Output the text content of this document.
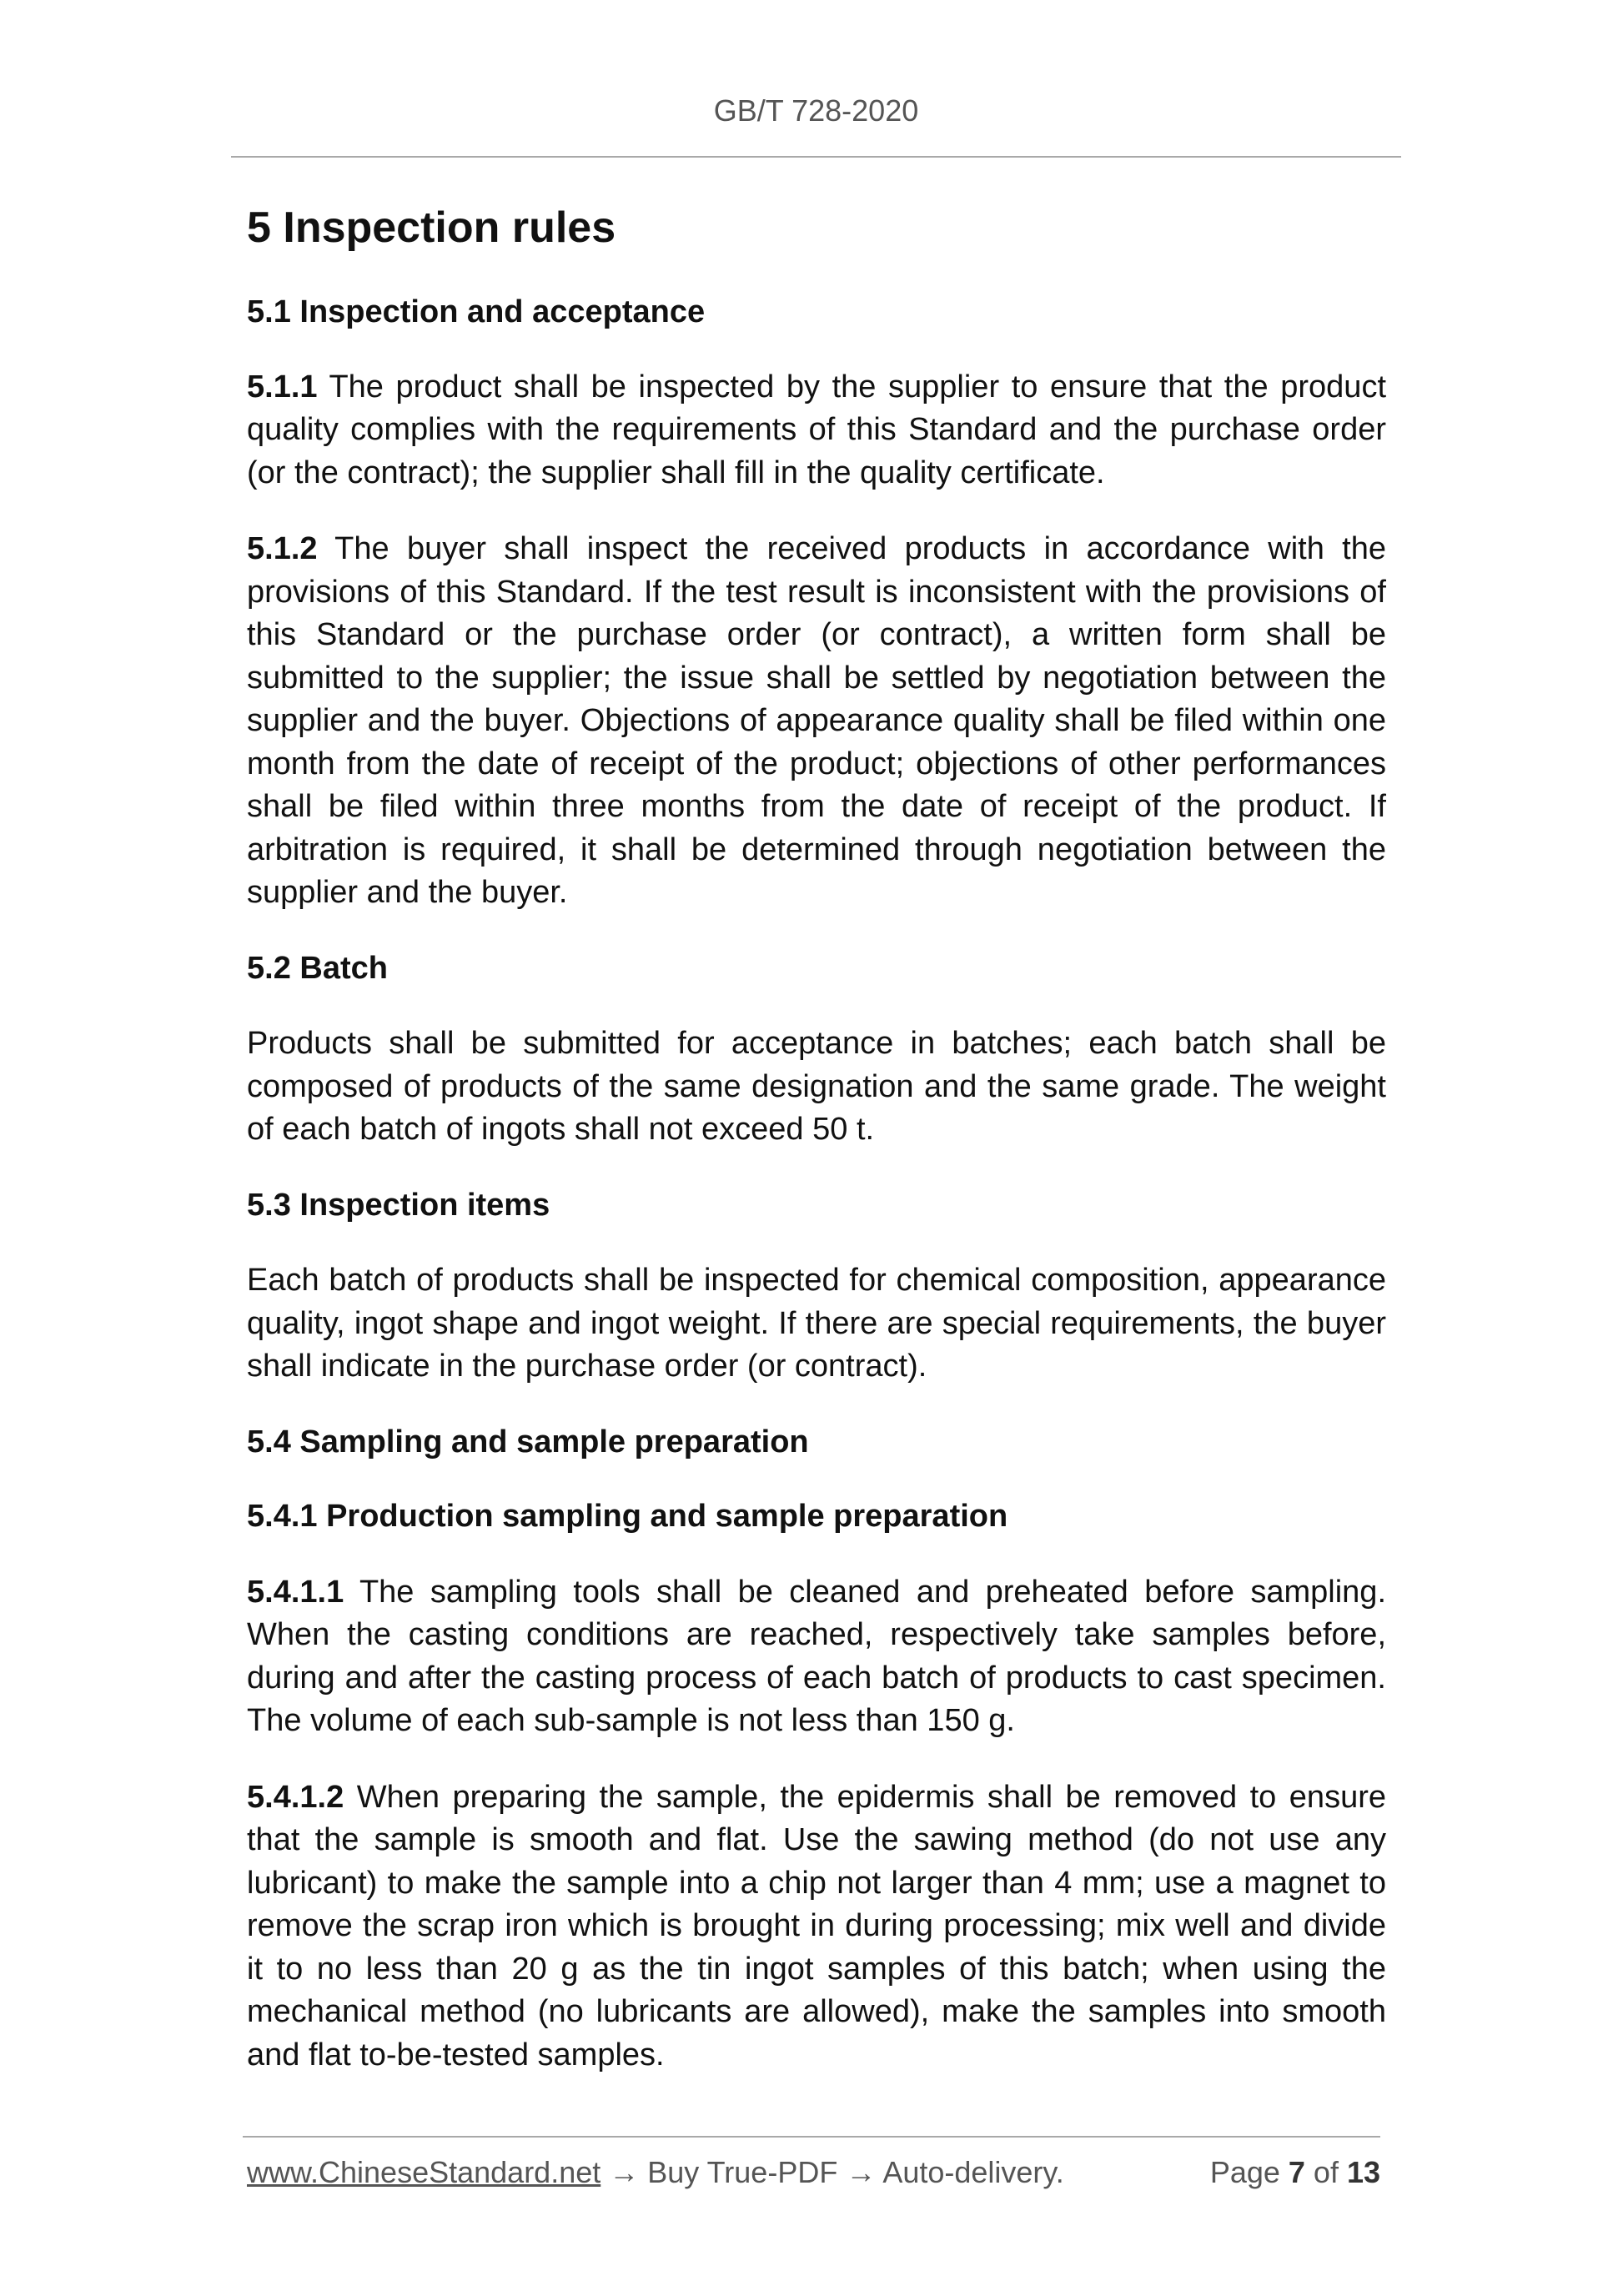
GB/T 728-2020
5 Inspection rules
5.1 Inspection and acceptance

5.1.1 The product shall be inspected by the supplier to ensure that the product quality complies with the requirements of this Standard and the purchase order (or the contract); the supplier shall fill in the quality certificate.

5.1.2 The buyer shall inspect the received products in accordance with the provisions of this Standard. If the test result is inconsistent with the provisions of this Standard or the purchase order (or contract), a written form shall be submitted to the supplier; the issue shall be settled by negotiation between the supplier and the buyer. Objections of appearance quality shall be filed within one month from the date of receipt of the product; objections of other performances shall be filed within three months from the date of receipt of the product. If arbitration is required, it shall be determined through negotiation between the supplier and the buyer.

5.2 Batch

Products shall be submitted for acceptance in batches; each batch shall be composed of products of the same designation and the same grade. The weight of each batch of ingots shall not exceed 50 t.

5.3 Inspection items

Each batch of products shall be inspected for chemical composition, appearance quality, ingot shape and ingot weight. If there are special requirements, the buyer shall indicate in the purchase order (or contract).

5.4 Sampling and sample preparation
5.4.1 Production sampling and sample preparation

5.4.1.1 The sampling tools shall be cleaned and preheated before sampling. When the casting conditions are reached, respectively take samples before, during and after the casting process of each batch of products to cast specimen. The volume of each sub-sample is not less than 150 g.

5.4.1.2 When preparing the sample, the epidermis shall be removed to ensure that the sample is smooth and flat. Use the sawing method (do not use any lubricant) to make the sample into a chip not larger than 4 mm; use a magnet to remove the scrap iron which is brought in during processing; mix well and divide it to no less than 20 g as the tin ingot samples of this batch; when using the mechanical method (no lubricants are allowed), make the samples into smooth and flat to-be-tested samples.

www.ChineseStandard.net → Buy True-PDF → Auto-delivery.	Page 7 of 13
